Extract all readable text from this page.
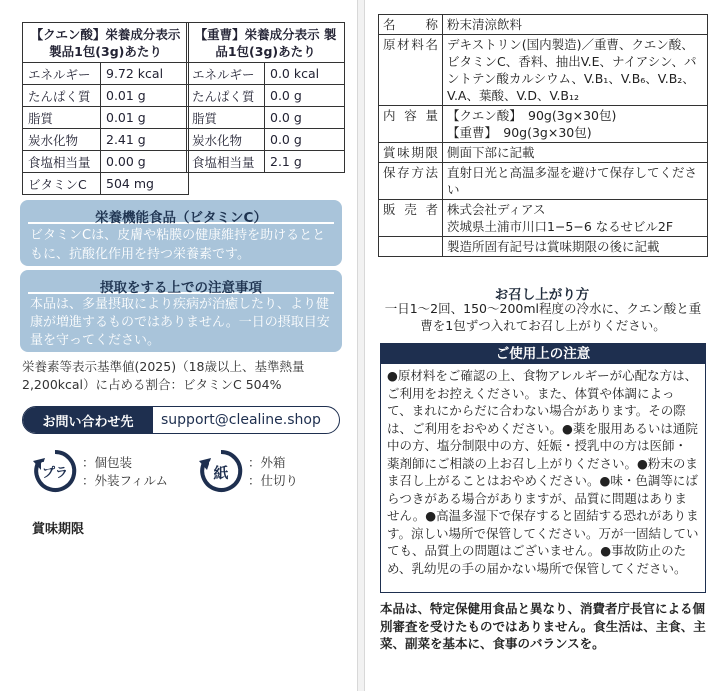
【クエン酸】栄養成分表示 製品1包(3g)あたり	
エネルギー	9.72 kcal
たんぱく質	0.01 g
脂質	0.01 g
炭水化物	2.41 g
食塩相当量	0.00 g
ビタミンC	504 mg
【重曹】栄養成分表示 製品1包(3g)あたり	
エネルギー	0.0 kcal
たんぱく質	0.0 g
脂質	0.0 g
炭水化物	0.0 g
食塩相当量	2.1 g
栄養機能食品（ビタミンC）
ビタミンCは、皮膚や粘膜の健康維持を助けるとともに、抗酸化作用を持つ栄養素です。
摂取をする上での注意事項
本品は、多量摂取により疾病が治癒したり、より健康が増進するものではありません。一日の摂取目安量を守ってください。
栄養素等表示基準値(2025)（18歳以上、基準熱量2,200kcal）に占める割合：ビタミンC 504%
お問い合わせ先	support@clealine.shop
プラ
：個包装
：外装フィルム	紙
：外箱
：仕切り
賞味期限
名　称	粉末清涼飲料
原材料名	デキストリン(国内製造)／重曹、クエン酸、ビタミンC、香料、抽出V.E、ナイアシン、パントテン酸カルシウム、V.B₁、V.B₆、V.B₂、V.A、葉酸、V.D、V.B₁₂
内容量	【クエン酸】　90g(3g×30包)
【重曹】　90g(3g×30包)
賞味期限	側面下部に記載
保存方法	直射日光と高温多湿を避けて保存してください
販売者	株式会社ディアス
茨城県土浦市川口1−5−6 なるせビル2F
	製造所固有記号は賞味期限の後に記載
お召し上がり方
一日1〜2回、150〜200ml程度の冷水に、クエン酸と重曹を1包ずつ入れてお召し上がりください。
ご使用上の注意
●原材料をご確認の上、食物アレルギーが心配な方は、ご利用をお控えください。また、体質や体調によって、まれにからだに合わない場合があります。その際は、ご利用をおやめください。●薬を服用あるいは通院中の方、塩分制限中の方、妊娠・授乳中の方は医師・薬剤師にご相談の上お召し上がりください。●粉末のまま召し上がることはおやめください。●味・色調等にばらつきがある場合がありますが、品質に問題はありません。●高温多湿下で保存すると固結する恐れがあります。涼しい場所で保管してください。万が一固結していても、品質上の問題はございません。●事故防止のため、乳幼児の手の届かない場所で保管してください。
本品は、特定保健用食品と異なり、消費者庁長官による個別審査を受けたものではありません。食生活は、主食、主菜、副菜を基本に、食事のバランスを。
